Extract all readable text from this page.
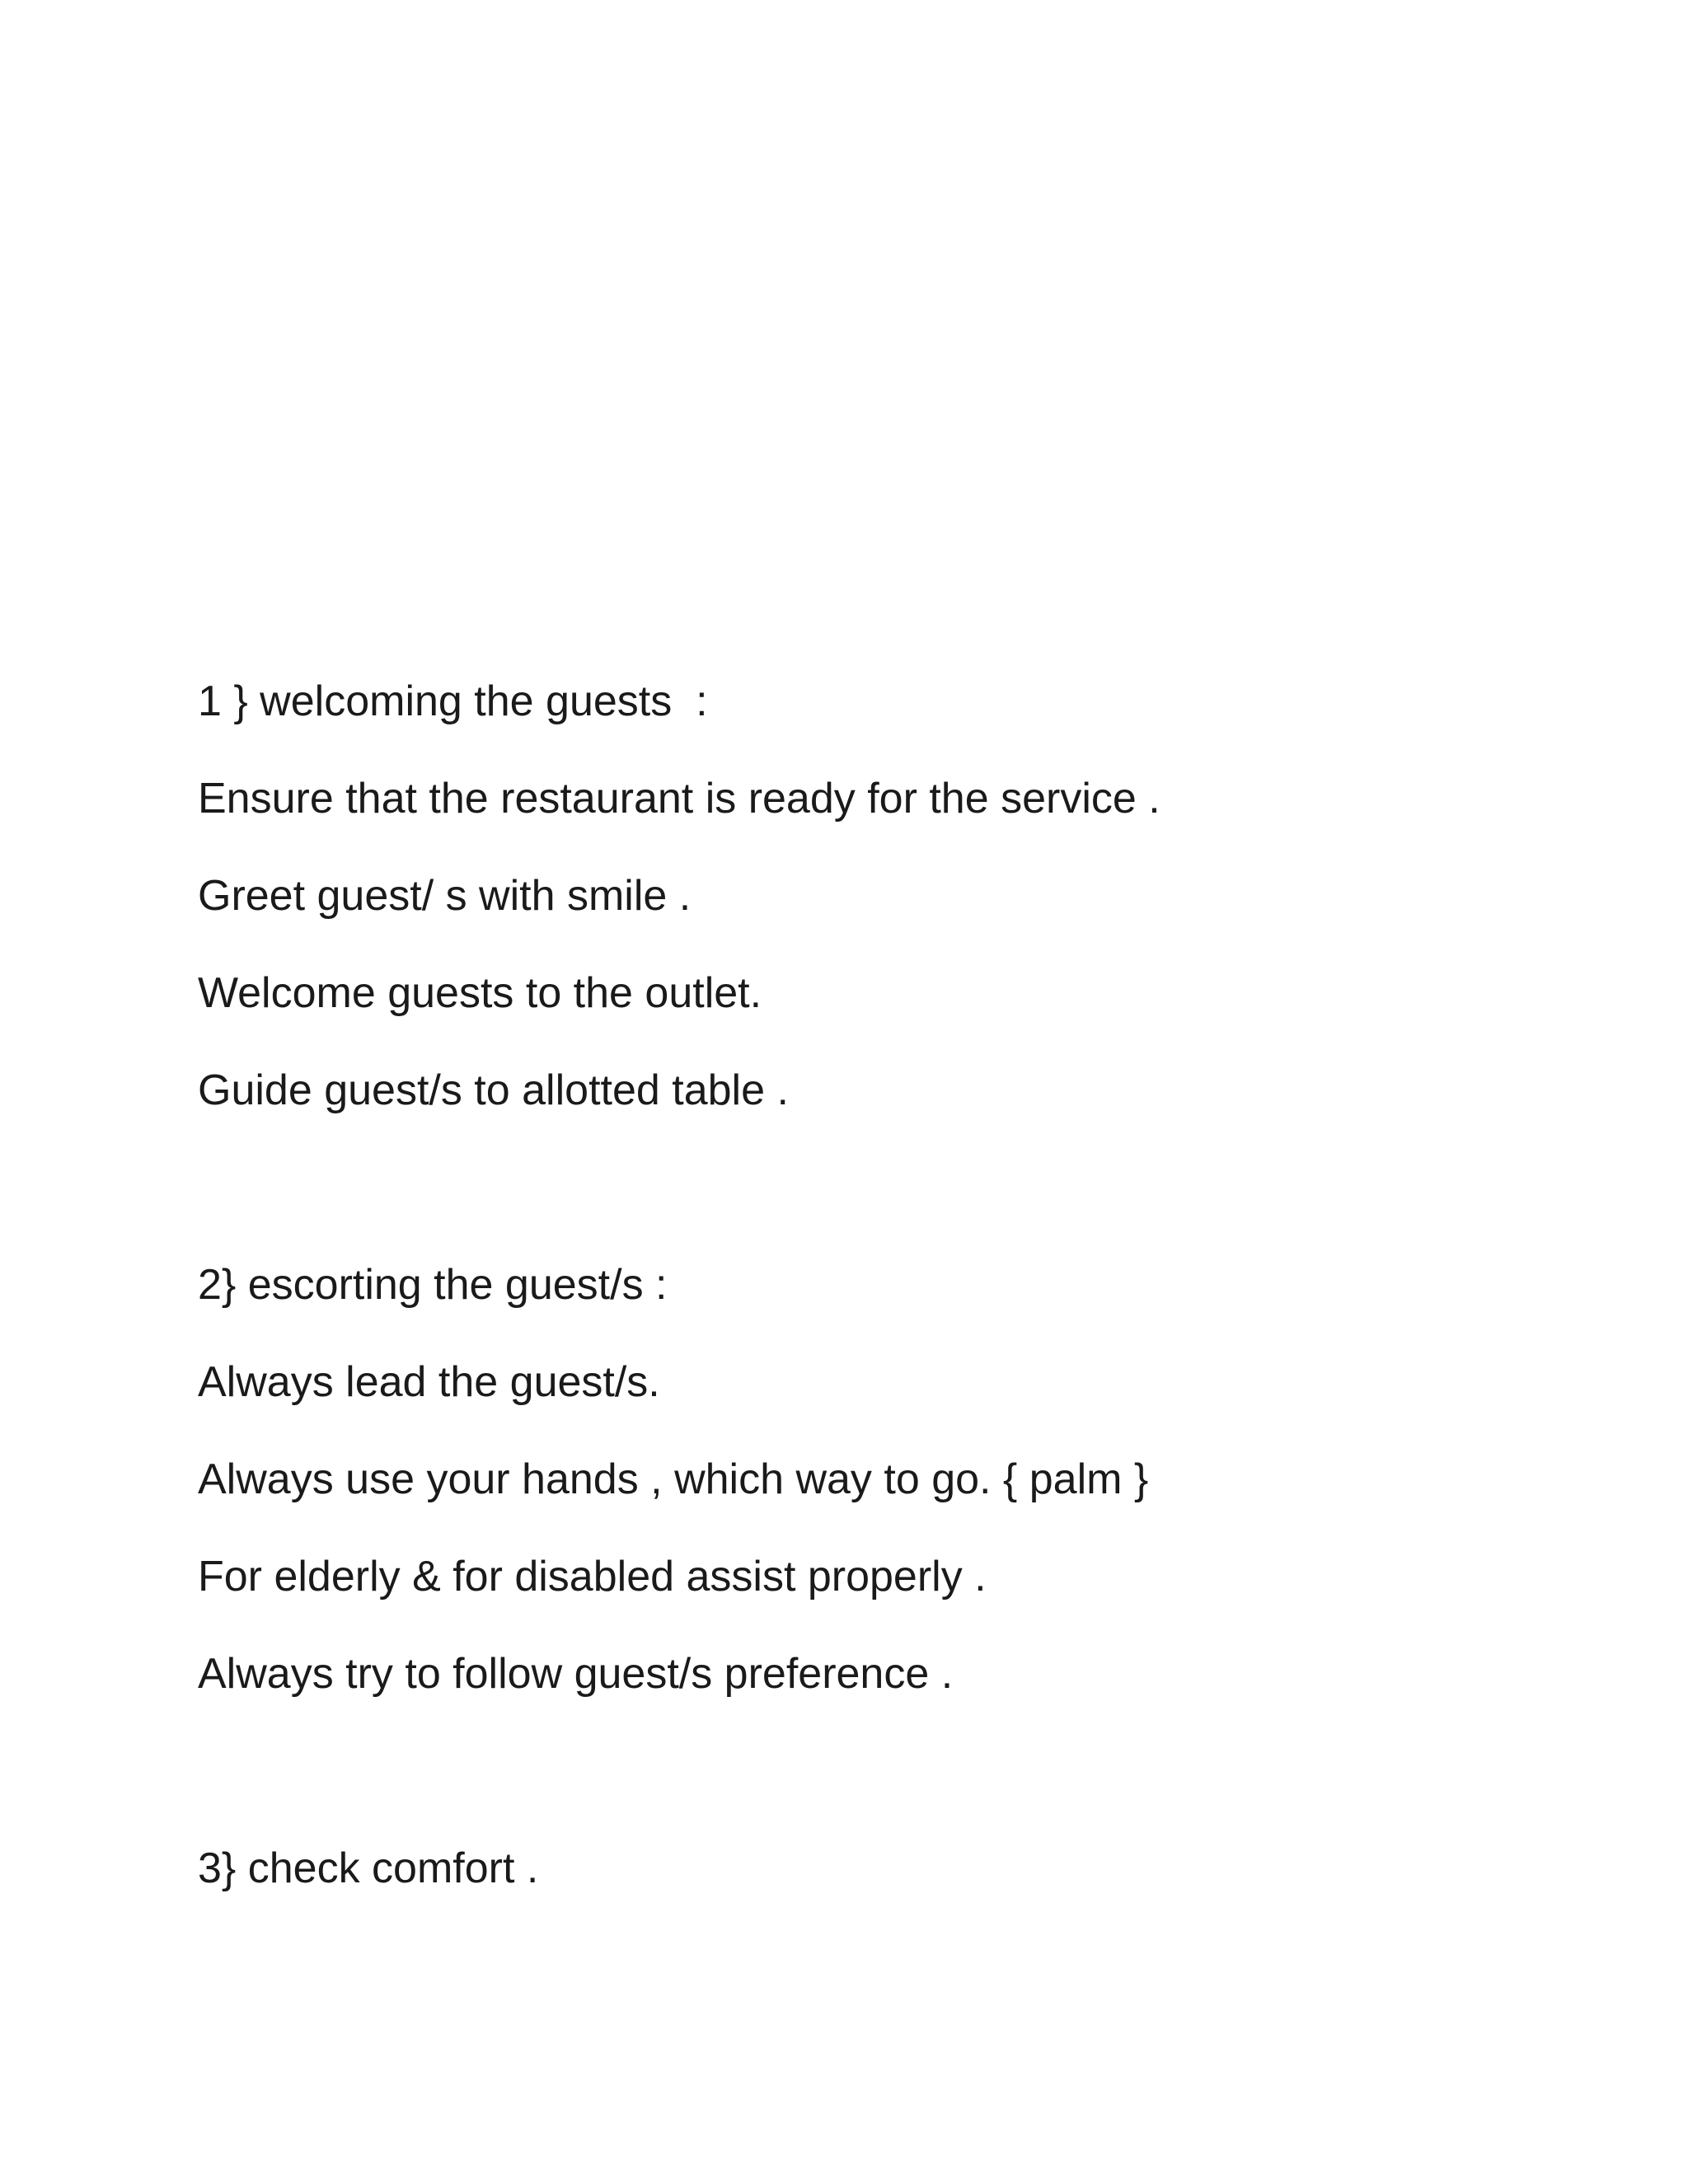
1 } welcoming the guests  :
Ensure that the restaurant is ready for the service .
Greet guest/ s with smile .
Welcome guests to the outlet.
Guide guest/s to allotted table .
2} escorting the guest/s :
Always lead the guest/s.
Always use your hands , which way to go. { palm }
For elderly & for disabled assist properly .
Always try to follow guest/s preference .
3} check comfort .
